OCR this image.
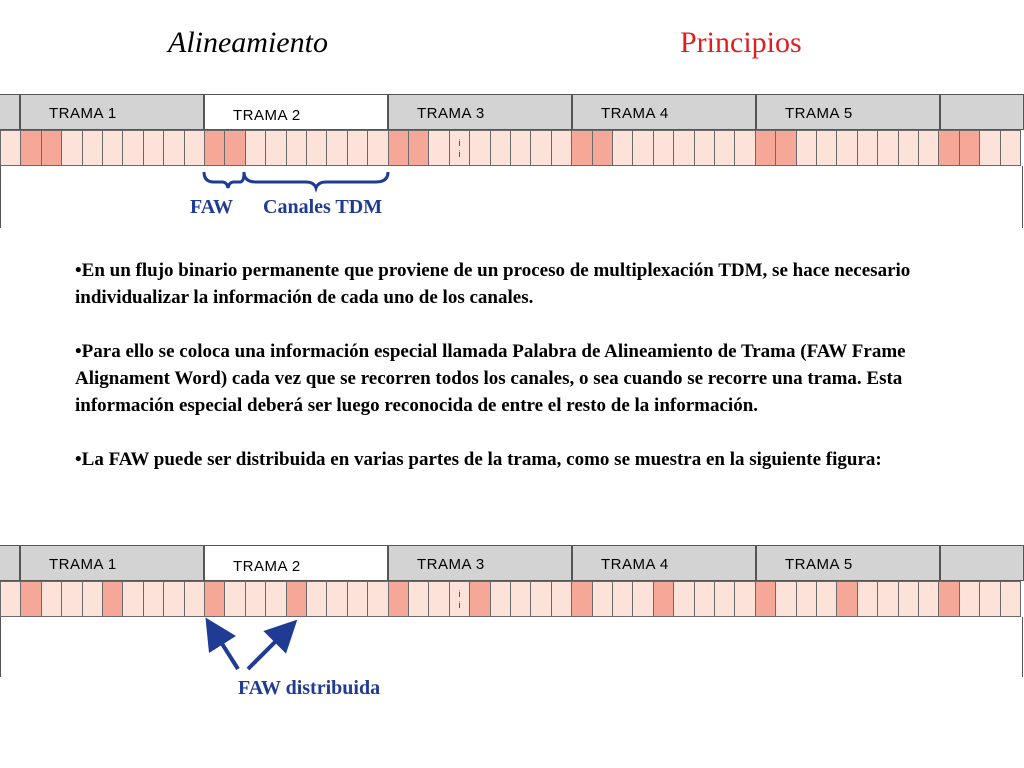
Alineamiento	Principios
TRAMA 1	TRAMA 2	TRAMA 3	TRAMA 4	TRAMA 5
i
i
FAW Canales TDM

•En un flujo binario permanente que proviene de un proceso de multiplexación TDM, se hace necesario individualizar la información de cada uno de los canales.

•Para ello se coloca una información especial llamada Palabra de Alineamiento de Trama (FAW Frame Alignament Word) cada vez que se recorren todos los canales, o sea cuando se recorre una trama. Esta información especial deberá ser luego reconocida de entre el resto de la información.

•La FAW puede ser distribuida en varias partes de la trama, como se muestra en la siguiente figura:

TRAMA 1	TRAMA 2	TRAMA 3	TRAMA 4	TRAMA 5
i
i
FAW distribuida
